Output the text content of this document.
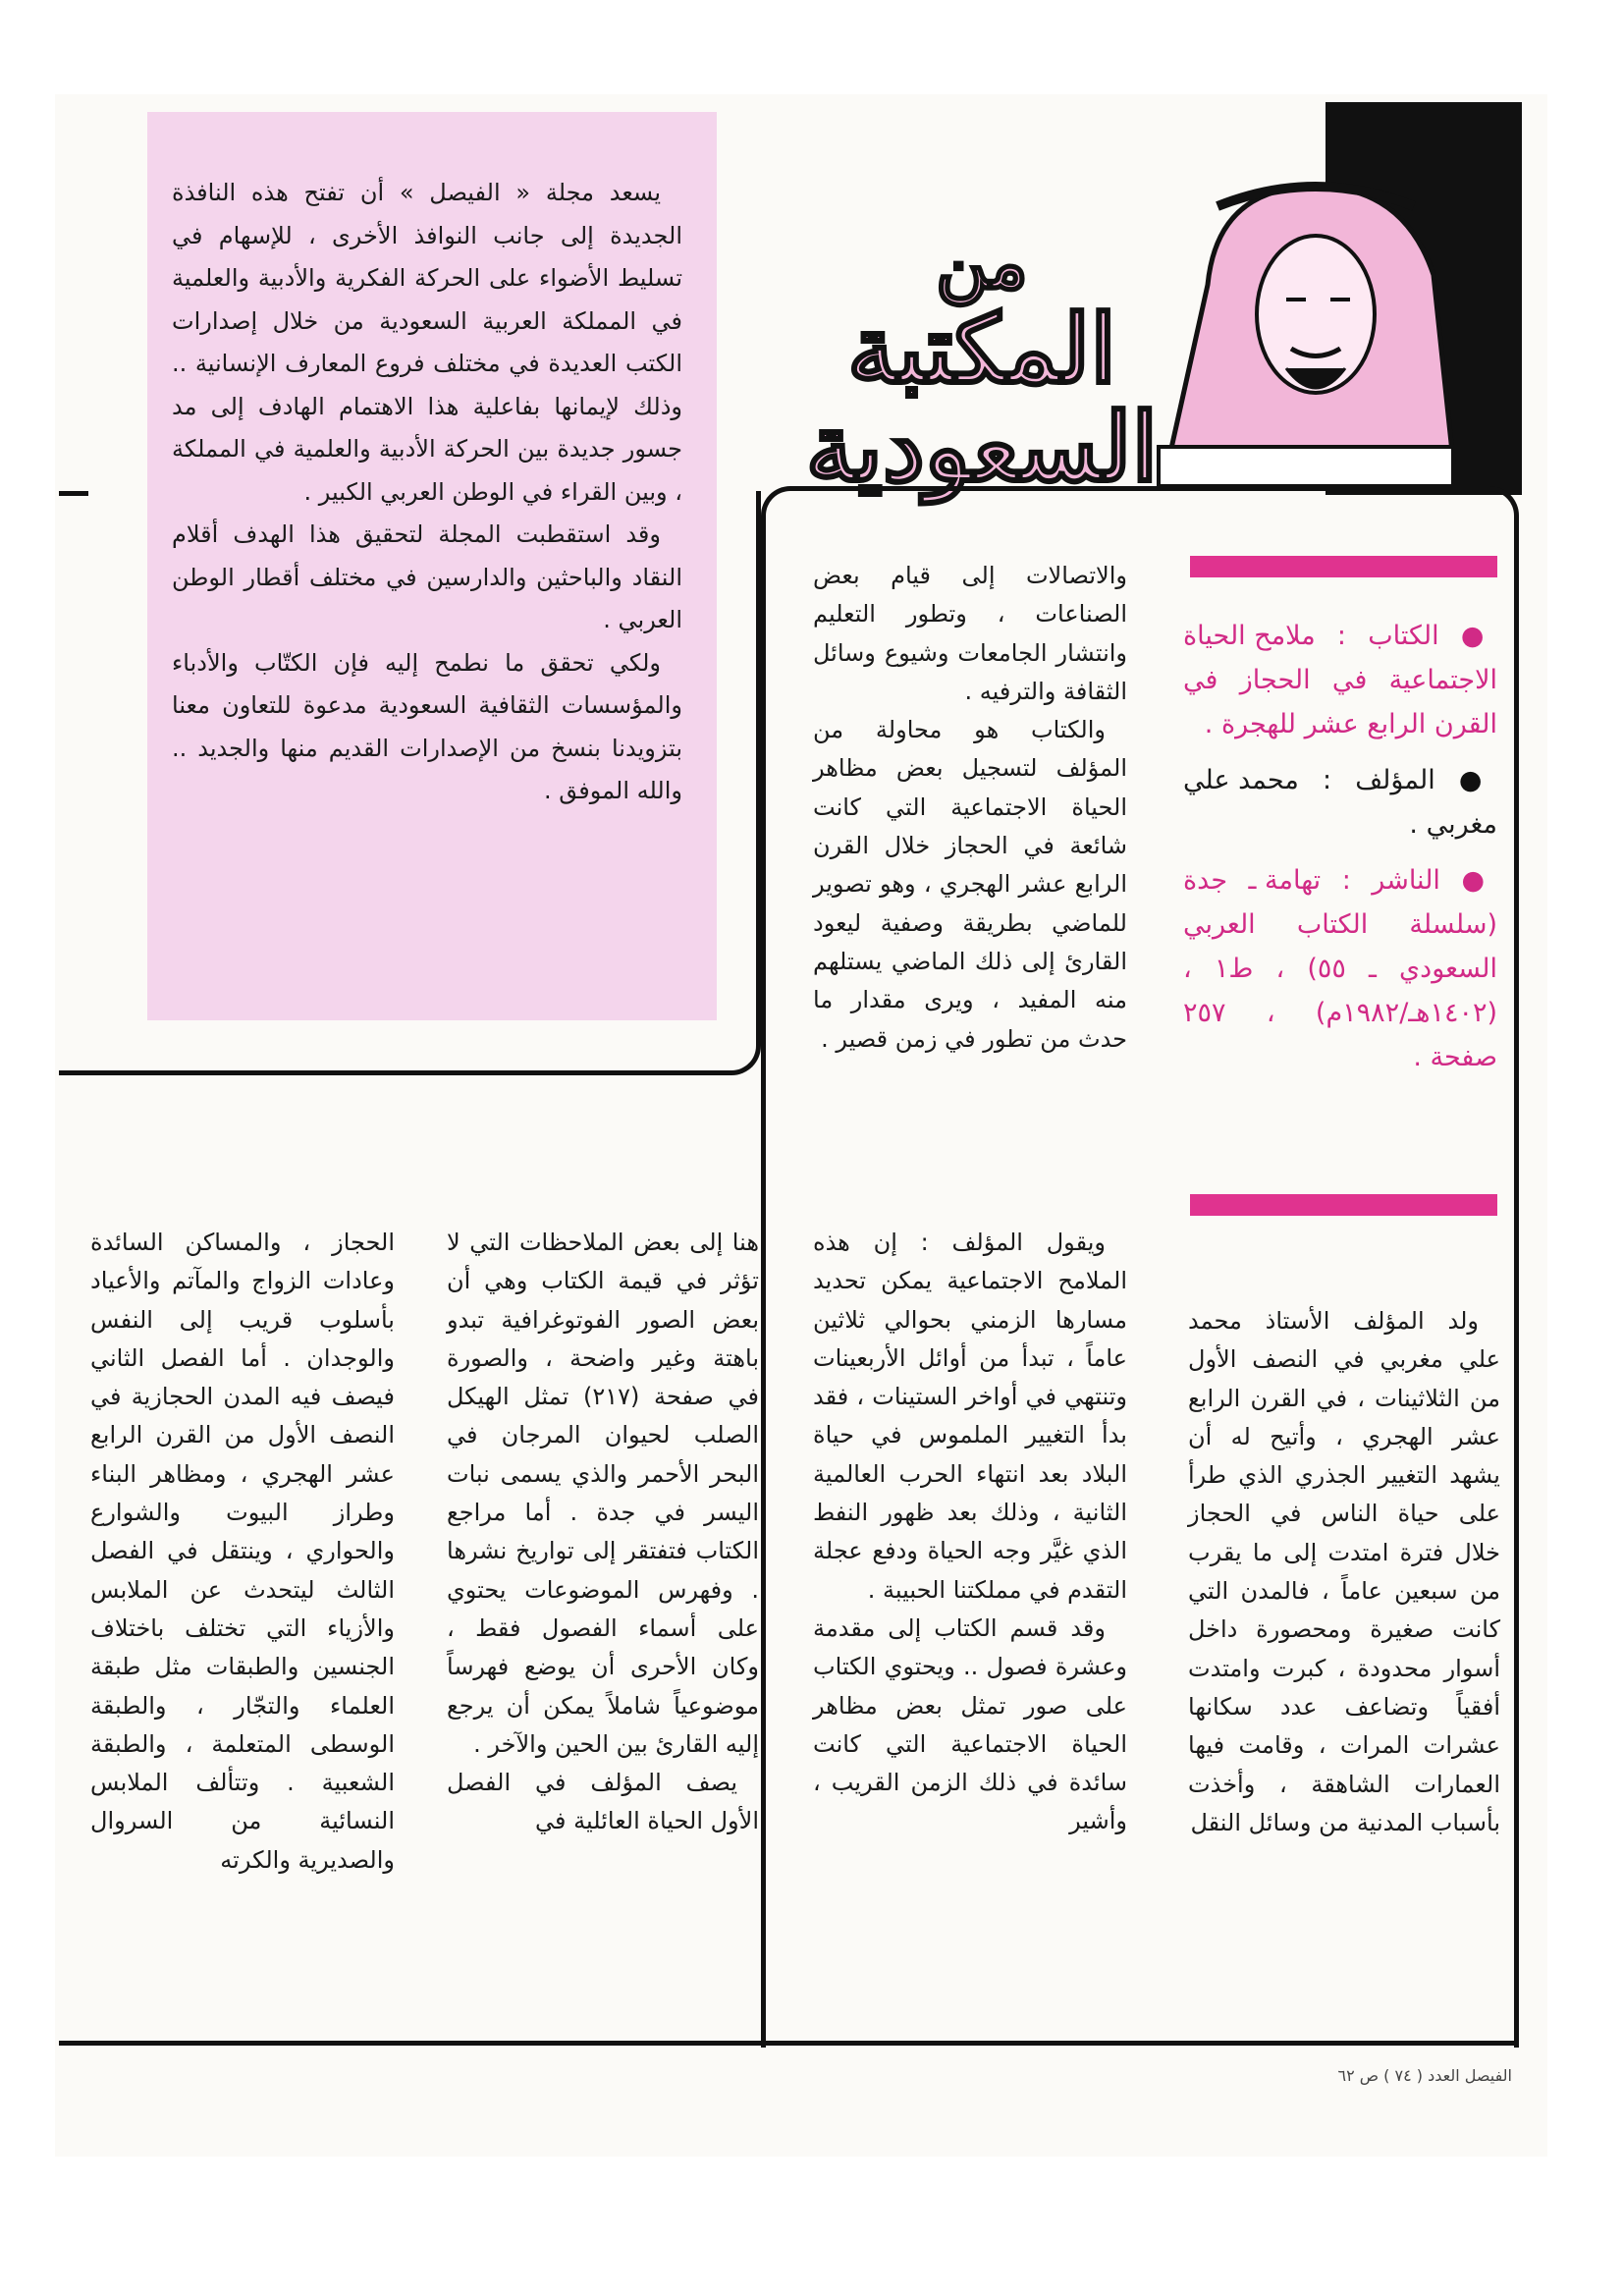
من
المكتبة
السعودية

يسعد مجلة « الفيصل » أن تفتح هذه النافذة الجديدة إلى جانب النوافذ الأخرى ، للإسهام في تسليط الأضواء على الحركة الفكرية والأدبية والعلمية في المملكة العربية السعودية من خلال إصدارات الكتب العديدة في مختلف فروع المعارف الإنسانية .. وذلك لإيمانها بفاعلية هذا الاهتمام الهادف إلى مد جسور جديدة بين الحركة الأدبية والعلمية في المملكة ، وبين القراء في الوطن العربي الكبير .

وقد استقطبت المجلة لتحقيق هذا الهدف أقلام النقاد والباحثين والدارسين في مختلف أقطار الوطن العربي .

ولكي تحقق ما نطمح إليه فإن الكتّاب والأدباء والمؤسسات الثقافية السعودية مدعوة للتعاون معنا بتزويدنا بنسخ من الإصدارات القديم منها والجديد .. والله الموفق .

● الكتاب : ملامح الحياة الاجتماعية في الحجاز في القرن الرابع عشر للهجرة .

● المؤلف : محمد علي مغربي .

● الناشر : تهامة ـ جدة (سلسلة الكتاب العربي السعودي ـ ٥٥) ، ط١ ، (١٤٠٢هـ/١٩٨٢م) ، ٢٥٧ صفحة .

والاتصالات إلى قيام بعض الصناعات ، وتطور التعليم وانتشار الجامعات وشيوع وسائل الثقافة والترفيه .

والكتاب هو محاولة من المؤلف لتسجيل بعض مظاهر الحياة الاجتماعية التي كانت شائعة في الحجاز خلال القرن الرابع عشر الهجري ، وهو تصوير للماضي بطريقة وصفية ليعود القارئ إلى ذلك الماضي يستلهم منه المفيد ، ويرى مقدار ما حدث من تطور في زمن قصير .

ويقول المؤلف : إن هذه الملامح الاجتماعية يمكن تحديد مسارها الزمني بحوالي ثلاثين عاماً ، تبدأ من أوائل الأربعينات وتنتهي في أواخر الستينات ، فقد بدأ التغيير الملموس في حياة البلاد بعد انتهاء الحرب العالمية الثانية ، وذلك بعد ظهور النفط الذي غيَّر وجه الحياة ودفع عجلة التقدم في مملكتنا الحبيبة .

وقد قسم الكتاب إلى مقدمة وعشرة فصول .. ويحتوي الكتاب على صور تمثل بعض مظاهر الحياة الاجتماعية التي كانت سائدة في ذلك الزمن القريب ، وأشير

ولد المؤلف الأستاذ محمد علي مغربي في النصف الأول من الثلاثينات ، في القرن الرابع عشر الهجري ، وأتيح له أن يشهد التغيير الجذري الذي طرأ على حياة الناس في الحجاز خلال فترة امتدت إلى ما يقرب من سبعين عاماً ، فالمدن التي كانت صغيرة ومحصورة داخل أسوار محدودة ، كبرت وامتدت أفقياً وتضاعف عدد سكانها عشرات المرات ، وقامت فيها العمارات الشاهقة ، وأخذت بأسباب المدنية من وسائل النقل

هنا إلى بعض الملاحظات التي لا تؤثر في قيمة الكتاب وهي أن بعض الصور الفوتوغرافية تبدو باهتة وغير واضحة ، والصورة في صفحة (٢١٧) تمثل الهيكل الصلب لحيوان المرجان في البحر الأحمر والذي يسمى نبات اليسر في جدة . أما مراجع الكتاب فتفتقر إلى تواريخ نشرها . وفهرس الموضوعات يحتوي على أسماء الفصول فقط ، وكان الأحرى أن يوضع فهرساً موضوعياً شاملاً يمكن أن يرجع إليه القارئ بين الحين والآخر .

يصف المؤلف في الفصل الأول الحياة العائلية في

الحجاز ، والمساكن السائدة وعادات الزواج والمآتم والأعياد بأسلوب قريب إلى النفس والوجدان . أما الفصل الثاني فيصف فيه المدن الحجازية في النصف الأول من القرن الرابع عشر الهجري ، ومظاهر البناء وطراز البيوت والشوارع والحواري ، وينتقل في الفصل الثالث ليتحدث عن الملابس والأزياء التي تختلف باختلاف الجنسين والطبقات مثل طبقة العلماء والتجّار ، والطبقة الوسطى المتعلمة ، والطبقة الشعبية . وتتألف الملابس النسائية من السروال والصديرية والكرته

الفيصل العدد ( ٧٤ ) ص ٦٢
